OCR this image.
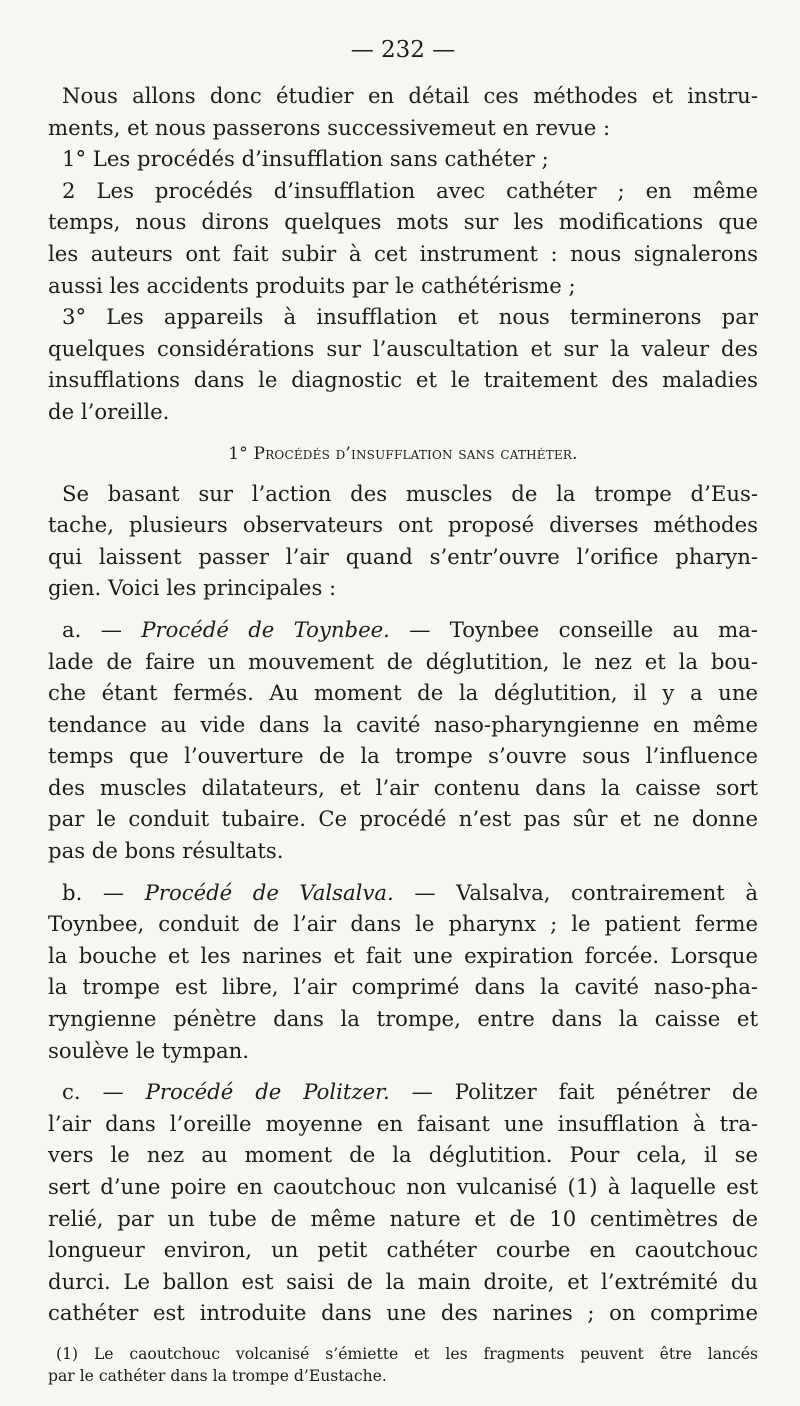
— 232 —
Nous allons donc étudier en détail ces méthodes et instru-
ments, et nous passerons successivemeut en revue :
1° Les procédés d’insufflation sans cathéter ;
2 Les procédés d’insufflation avec cathéter ; en même
temps, nous dirons quelques mots sur les modifications que
les auteurs ont fait subir à cet instrument : nous signalerons
aussi les accidents produits par le cathétérisme ;
3° Les appareils à insufflation et nous terminerons par
quelques considérations sur l’auscultation et sur la valeur des
insufflations dans le diagnostic et le traitement des maladies
de l’oreille.
1° Procédés d’insufflation sans cathéter.
Se basant sur l’action des muscles de la trompe d’Eus-
tache, plusieurs observateurs ont proposé diverses méthodes
qui laissent passer l’air quand s’entr’ouvre l’orifice pharyn-
gien. Voici les principales :
a. — Procédé de Toynbee. — Toynbee conseille au ma-
lade de faire un mouvement de déglutition, le nez et la bou-
che étant fermés. Au moment de la déglutition, il y a une
tendance au vide dans la cavité naso-pharyngienne en même
temps que l’ouverture de la trompe s’ouvre sous l’influence
des muscles dilatateurs, et l’air contenu dans la caisse sort
par le conduit tubaire. Ce procédé n’est pas sûr et ne donne
pas de bons résultats.
b. — Procédé de Valsalva. — Valsalva, contrairement à
Toynbee, conduit de l’air dans le pharynx ; le patient ferme
la bouche et les narines et fait une expiration forcée. Lorsque
la trompe est libre, l’air comprimé dans la cavité naso-pha-
ryngienne pénètre dans la trompe, entre dans la caisse et
soulève le tympan.
c. — Procédé de Politzer. — Politzer fait pénétrer de
l’air dans l’oreille moyenne en faisant une insufflation à tra-
vers le nez au moment de la déglutition. Pour cela, il se
sert d’une poire en caoutchouc non vulcanisé (1) à laquelle est
relié, par un tube de même nature et de 10 centimètres de
longueur environ, un petit cathéter courbe en caoutchouc
durci. Le ballon est saisi de la main droite, et l’extrémité du
cathéter est introduite dans une des narines ; on comprime
(1) Le caoutchouc volcanisé s’émiette et les fragments peuvent être lancés
par le cathéter dans la trompe d’Eustache.
